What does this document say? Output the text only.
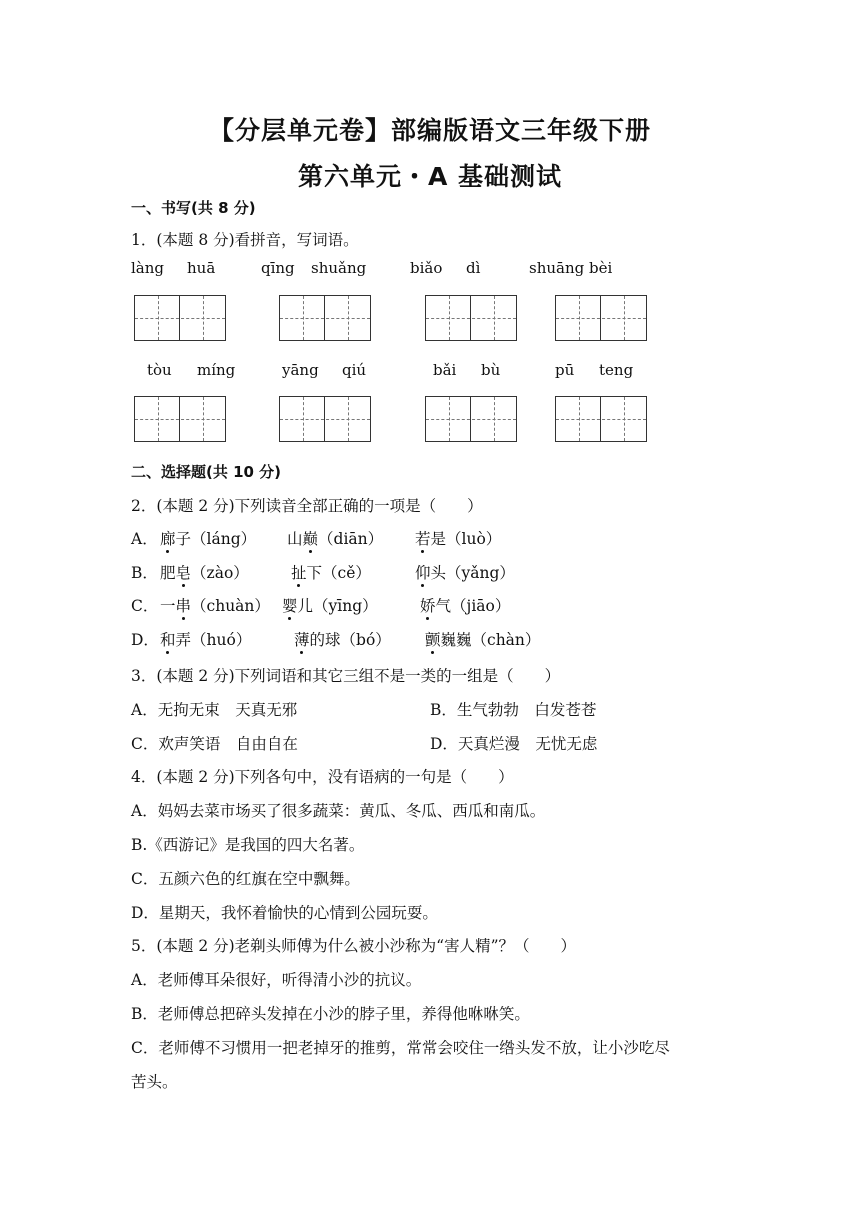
【分层单元卷】部编版语文三年级下册
第六单元・A 基础测试
一、书写(共 8 分)
1．(本题 8 分)看拼音，写词语。
làng huā	qīng shuǎng	biǎo dì	shuāng bèi
tòu míng	yāng qiú	bǎi bù	pū teng
二、选择题(共 10 分)
2．(本题 2 分)下列读音全部正确的一项是（　　）
A． 廊子（láng） 山巅（diān） 若是（luò）
B． 肥皂（zào）	扯下（cě）	仰头（yǎng）
C． 一串（chuàn） 婴儿（yīng）	娇气（jiāo）
D． 和弄（huó）	薄的球（bó） 颤巍巍（chàn）
3．(本题 2 分)下列词语和其它三组不是一类的一组是（　　）
A．无拘无束　天真无邪	B．生气勃勃　白发苍苍
C．欢声笑语　自由自在	D．天真烂漫　无忧无虑
4．(本题 2 分)下列各句中，没有语病的一句是（　　）
A．妈妈去菜市场买了很多蔬菜：黄瓜、冬瓜、西瓜和南瓜。
B.《西游记》是我国的四大名著。
C．五颜六色的红旗在空中飘舞。
D．星期天，我怀着愉快的心情到公园玩耍。
5．(本题 2 分)老剃头师傅为什么被小沙称为“害人精”？（　　）
A．老师傅耳朵很好，听得清小沙的抗议。
B．老师傅总把碎头发掉在小沙的脖子里，养得他咻咻笑。
C．老师傅不习惯用一把老掉牙的推剪，常常会咬住一绺头发不放，让小沙吃尽
苦头。
